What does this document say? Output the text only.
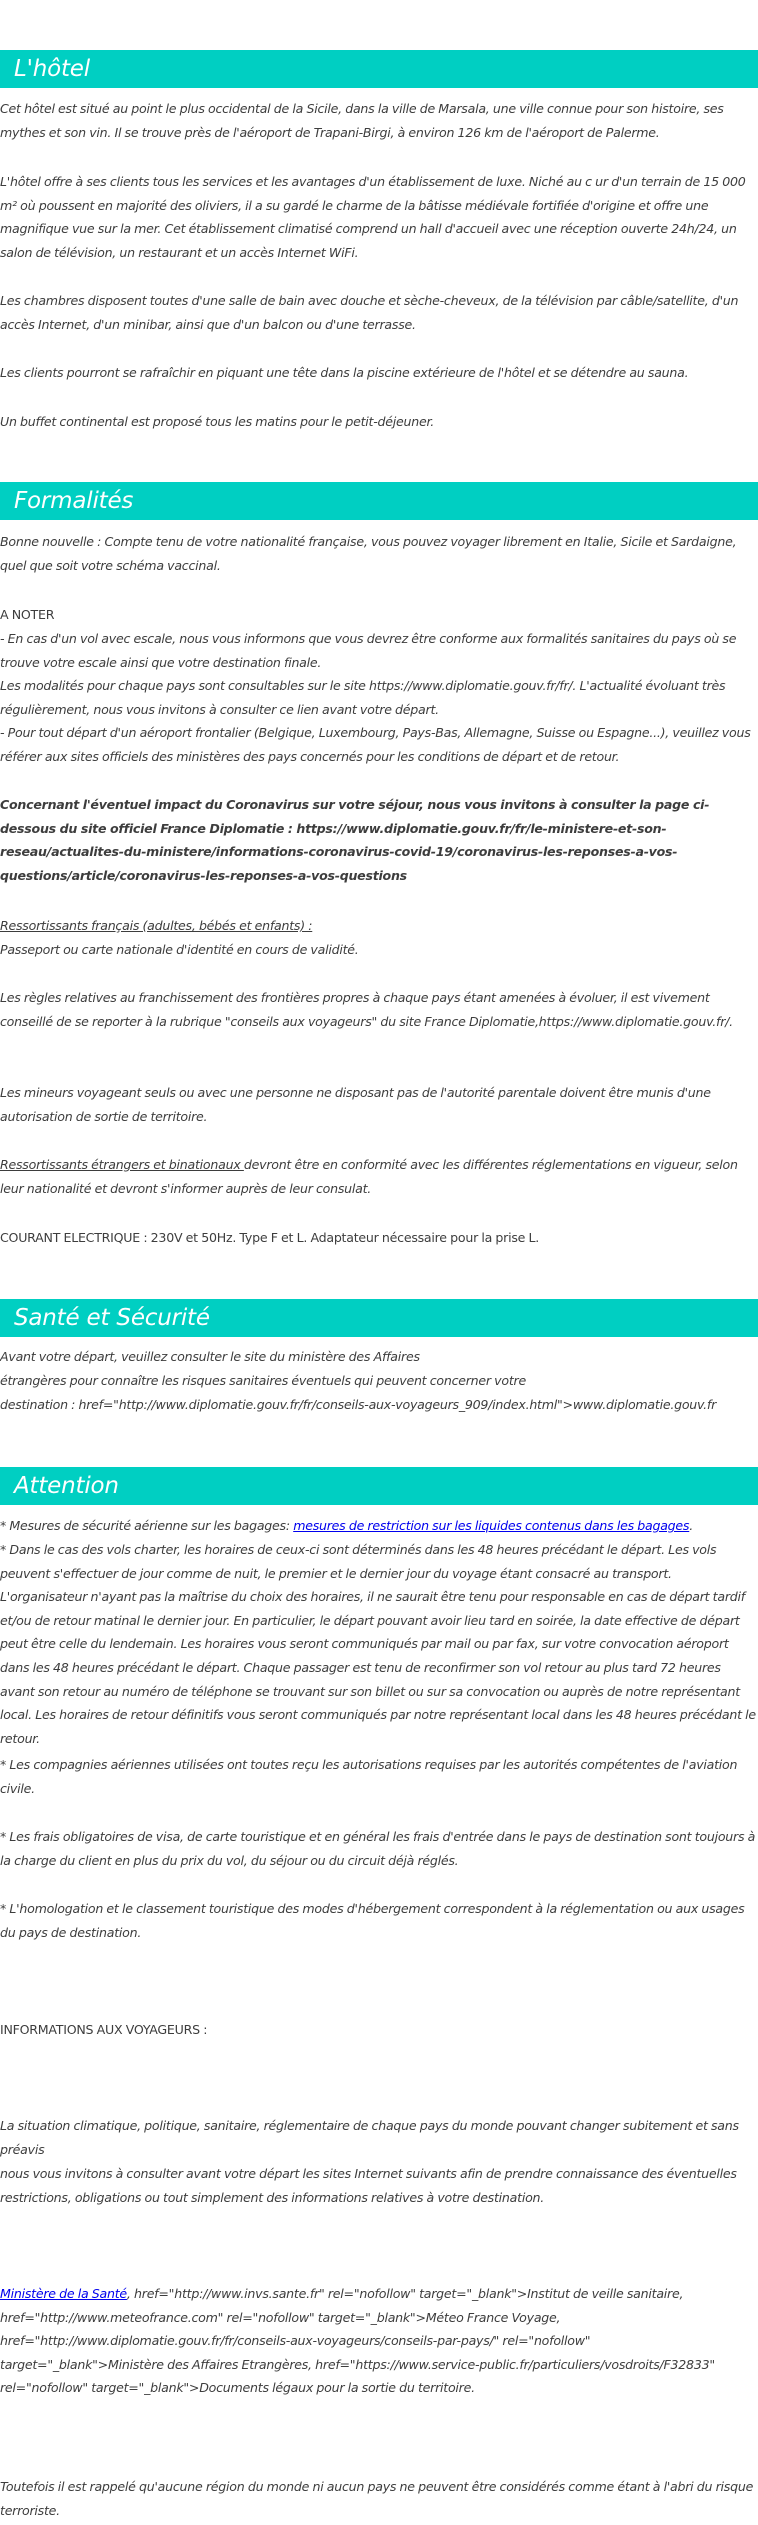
L'hôtel
Cet hôtel est situé au point le plus occidental de la Sicile, dans la ville de Marsala, une ville connue pour son histoire, ses mythes et son vin. Il se trouve près de l'aéroport de Trapani-Birgi, à environ 126 km de l'aéroport de Palerme.
L'hôtel offre à ses clients tous les services et les avantages d'un établissement de luxe. Niché au c ur d'un terrain de 15 000 m² où poussent en majorité des oliviers, il a su gardé le charme de la bâtisse médiévale fortifiée d'origine et offre une magnifique vue sur la mer. Cet établissement climatisé comprend un hall d'accueil avec une réception ouverte 24h/24, un salon de télévision, un restaurant et un accès Internet WiFi.
Les chambres disposent toutes d'une salle de bain avec douche et sèche-cheveux, de la télévision par câble/satellite, d'un accès Internet, d'un minibar, ainsi que d'un balcon ou d'une terrasse.
Les clients pourront se rafraîchir en piquant une tête dans la piscine extérieure de l'hôtel et se détendre au sauna.
Un buffet continental est proposé tous les matins pour le petit-déjeuner.
Formalités
Bonne nouvelle : Compte tenu de votre nationalité française, vous pouvez voyager librement en Italie, Sicile et Sardaigne, quel que soit votre schéma vaccinal.
A NOTER
- En cas d'un vol avec escale, nous vous informons que vous devrez être conforme aux formalités sanitaires du pays où se trouve votre escale ainsi que votre destination finale.
Les modalités pour chaque pays sont consultables sur le site https://www.diplomatie.gouv.fr/fr/. L'actualité évoluant très régulièrement, nous vous invitons à consulter ce lien avant votre départ.
- Pour tout départ d'un aéroport frontalier (Belgique, Luxembourg, Pays-Bas, Allemagne, Suisse ou Espagne...), veuillez vous référer aux sites officiels des ministères des pays concernés pour les conditions de départ et de retour.
Concernant l'éventuel impact du Coronavirus sur votre séjour, nous vous invitons à consulter la page ci-dessous du site officiel France Diplomatie : https://www.diplomatie.gouv.fr/fr/le-ministere-et-son-reseau/actualites-du-ministere/informations-coronavirus-covid-19/coronavirus-les-reponses-a-vos-questions/article/coronavirus-les-reponses-a-vos-questions
Ressortissants français (adultes, bébés et enfants) :
Passeport ou carte nationale d'identité en cours de validité.
Les règles relatives au franchissement des frontières propres à chaque pays étant amenées à évoluer, il est vivement conseillé de se reporter à la rubrique "conseils aux voyageurs" du site France Diplomatie,https://www.diplomatie.gouv.fr/.
Les mineurs voyageant seuls ou avec une personne ne disposant pas de l'autorité parentale doivent être munis d'une autorisation de sortie de territoire.
Ressortissants étrangers et binationaux devront être en conformité avec les différentes réglementations en vigueur, selon leur nationalité et devront s'informer auprès de leur consulat.
COURANT ELECTRIQUE : 230V et 50Hz. Type F et L. Adaptateur nécessaire pour la prise L.
Santé et Sécurité
Avant votre départ, veuillez consulter le site du ministère des Affaires
étrangères pour connaître les risques sanitaires éventuels qui peuvent concerner votre
destination : href="http://www.diplomatie.gouv.fr/fr/conseils-aux-voyageurs_909/index.html">www.diplomatie.gouv.fr
Attention
* Mesures de sécurité aérienne sur les bagages: mesures de restriction sur les liquides contenus dans les bagages.
* Dans le cas des vols charter, les horaires de ceux-ci sont déterminés dans les 48 heures précédant le départ. Les vols peuvent s'effectuer de jour comme de nuit, le premier et le dernier jour du voyage étant consacré au transport. L'organisateur n'ayant pas la maîtrise du choix des horaires, il ne saurait être tenu pour responsable en cas de départ tardif et/ou de retour matinal le dernier jour. En particulier, le départ pouvant avoir lieu tard en soirée, la date effective de départ peut être celle du lendemain. Les horaires vous seront communiqués par mail ou par fax, sur votre convocation aéroport dans les 48 heures précédant le départ. Chaque passager est tenu de reconfirmer son vol retour au plus tard 72 heures avant son retour au numéro de téléphone se trouvant sur son billet ou sur sa convocation ou auprès de notre représentant local. Les horaires de retour définitifs vous seront communiqués par notre représentant local dans les 48 heures précédant le retour.
* Les compagnies aériennes utilisées ont toutes reçu les autorisations requises par les autorités compétentes de l'aviation civile.
* Les frais obligatoires de visa, de carte touristique et en général les frais d'entrée dans le pays de destination sont toujours à la charge du client en plus du prix du vol, du séjour ou du circuit déjà réglés.
* L'homologation et le classement touristique des modes d'hébergement correspondent à la réglementation ou aux usages du pays de destination.
INFORMATIONS AUX VOYAGEURS :
La situation climatique, politique, sanitaire, réglementaire de chaque pays du monde pouvant changer subitement et sans préavis
nous vous invitons à consulter avant votre départ les sites Internet suivants afin de prendre connaissance des éventuelles restrictions, obligations ou tout simplement des informations relatives à votre destination.
Ministère de la Santé, href="http://www.invs.sante.fr" rel="nofollow" target="_blank">Institut de veille sanitaire, href="http://www.meteofrance.com" rel="nofollow" target="_blank">Méteo France Voyage, href="http://www.diplomatie.gouv.fr/fr/conseils-aux-voyageurs/conseils-par-pays/" rel="nofollow" target="_blank">Ministère des Affaires Etrangères, href="https://www.service-public.fr/particuliers/vosdroits/F32833" rel="nofollow" target="_blank">Documents légaux pour la sortie du territoire.
Toutefois il est rappelé qu'aucune région du monde ni aucun pays ne peuvent être considérés comme étant à l'abri du risque terroriste.
